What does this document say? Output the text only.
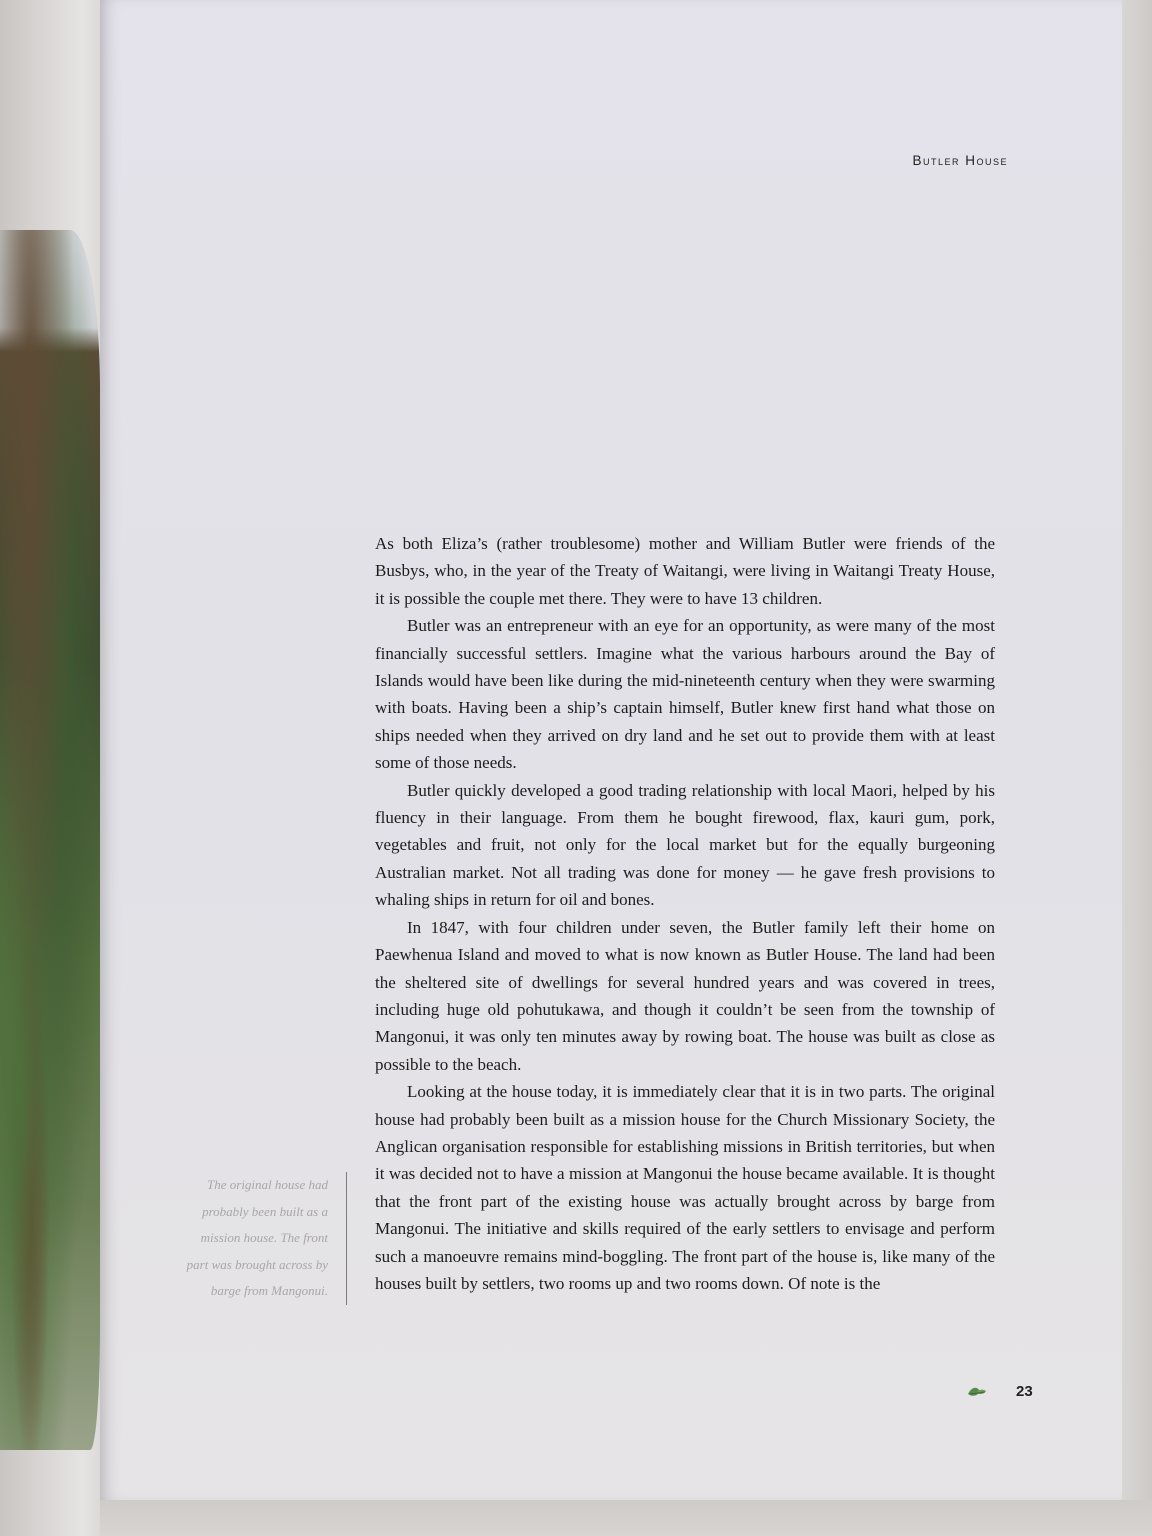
Butler House

As both Eliza’s (rather troublesome) mother and William Butler were friends of the Busbys, who, in the year of the Treaty of Waitangi, were living in Waitangi Treaty House, it is possible the couple met there. They were to have 13 children.

Butler was an entrepreneur with an eye for an opportunity, as were many of the most financially successful settlers. Imagine what the various harbours around the Bay of Islands would have been like during the mid-nineteenth century when they were swarming with boats. Having been a ship’s captain himself, Butler knew first hand what those on ships needed when they arrived on dry land and he set out to provide them with at least some of those needs.

Butler quickly developed a good trading relationship with local Maori, helped by his fluency in their language. From them he bought firewood, flax, kauri gum, pork, vegetables and fruit, not only for the local market but for the equally burgeoning Australian market. Not all trading was done for money — he gave fresh provisions to whaling ships in return for oil and bones.

In 1847, with four children under seven, the Butler family left their home on Paewhenua Island and moved to what is now known as Butler House. The land had been the sheltered site of dwellings for several hundred years and was covered in trees, including huge old pohutukawa, and though it couldn’t be seen from the township of Mangonui, it was only ten minutes away by rowing boat. The house was built as close as possible to the beach.

Looking at the house today, it is immediately clear that it is in two parts. The original house had probably been built as a mission house for the Church Missionary Society, the Anglican organisation responsible for establishing missions in British territories, but when it was decided not to have a mission at Mangonui the house became available. It is thought that the front part of the existing house was actually brought across by barge from Mangonui. The initiative and skills required of the early settlers to envisage and perform such a manoeuvre remains mind-boggling. The front part of the house is, like many of the houses built by settlers, two rooms up and two rooms down. Of note is the

The original house had probably been built as a mission house. The front part was brought across by barge from Mangonui.
23
